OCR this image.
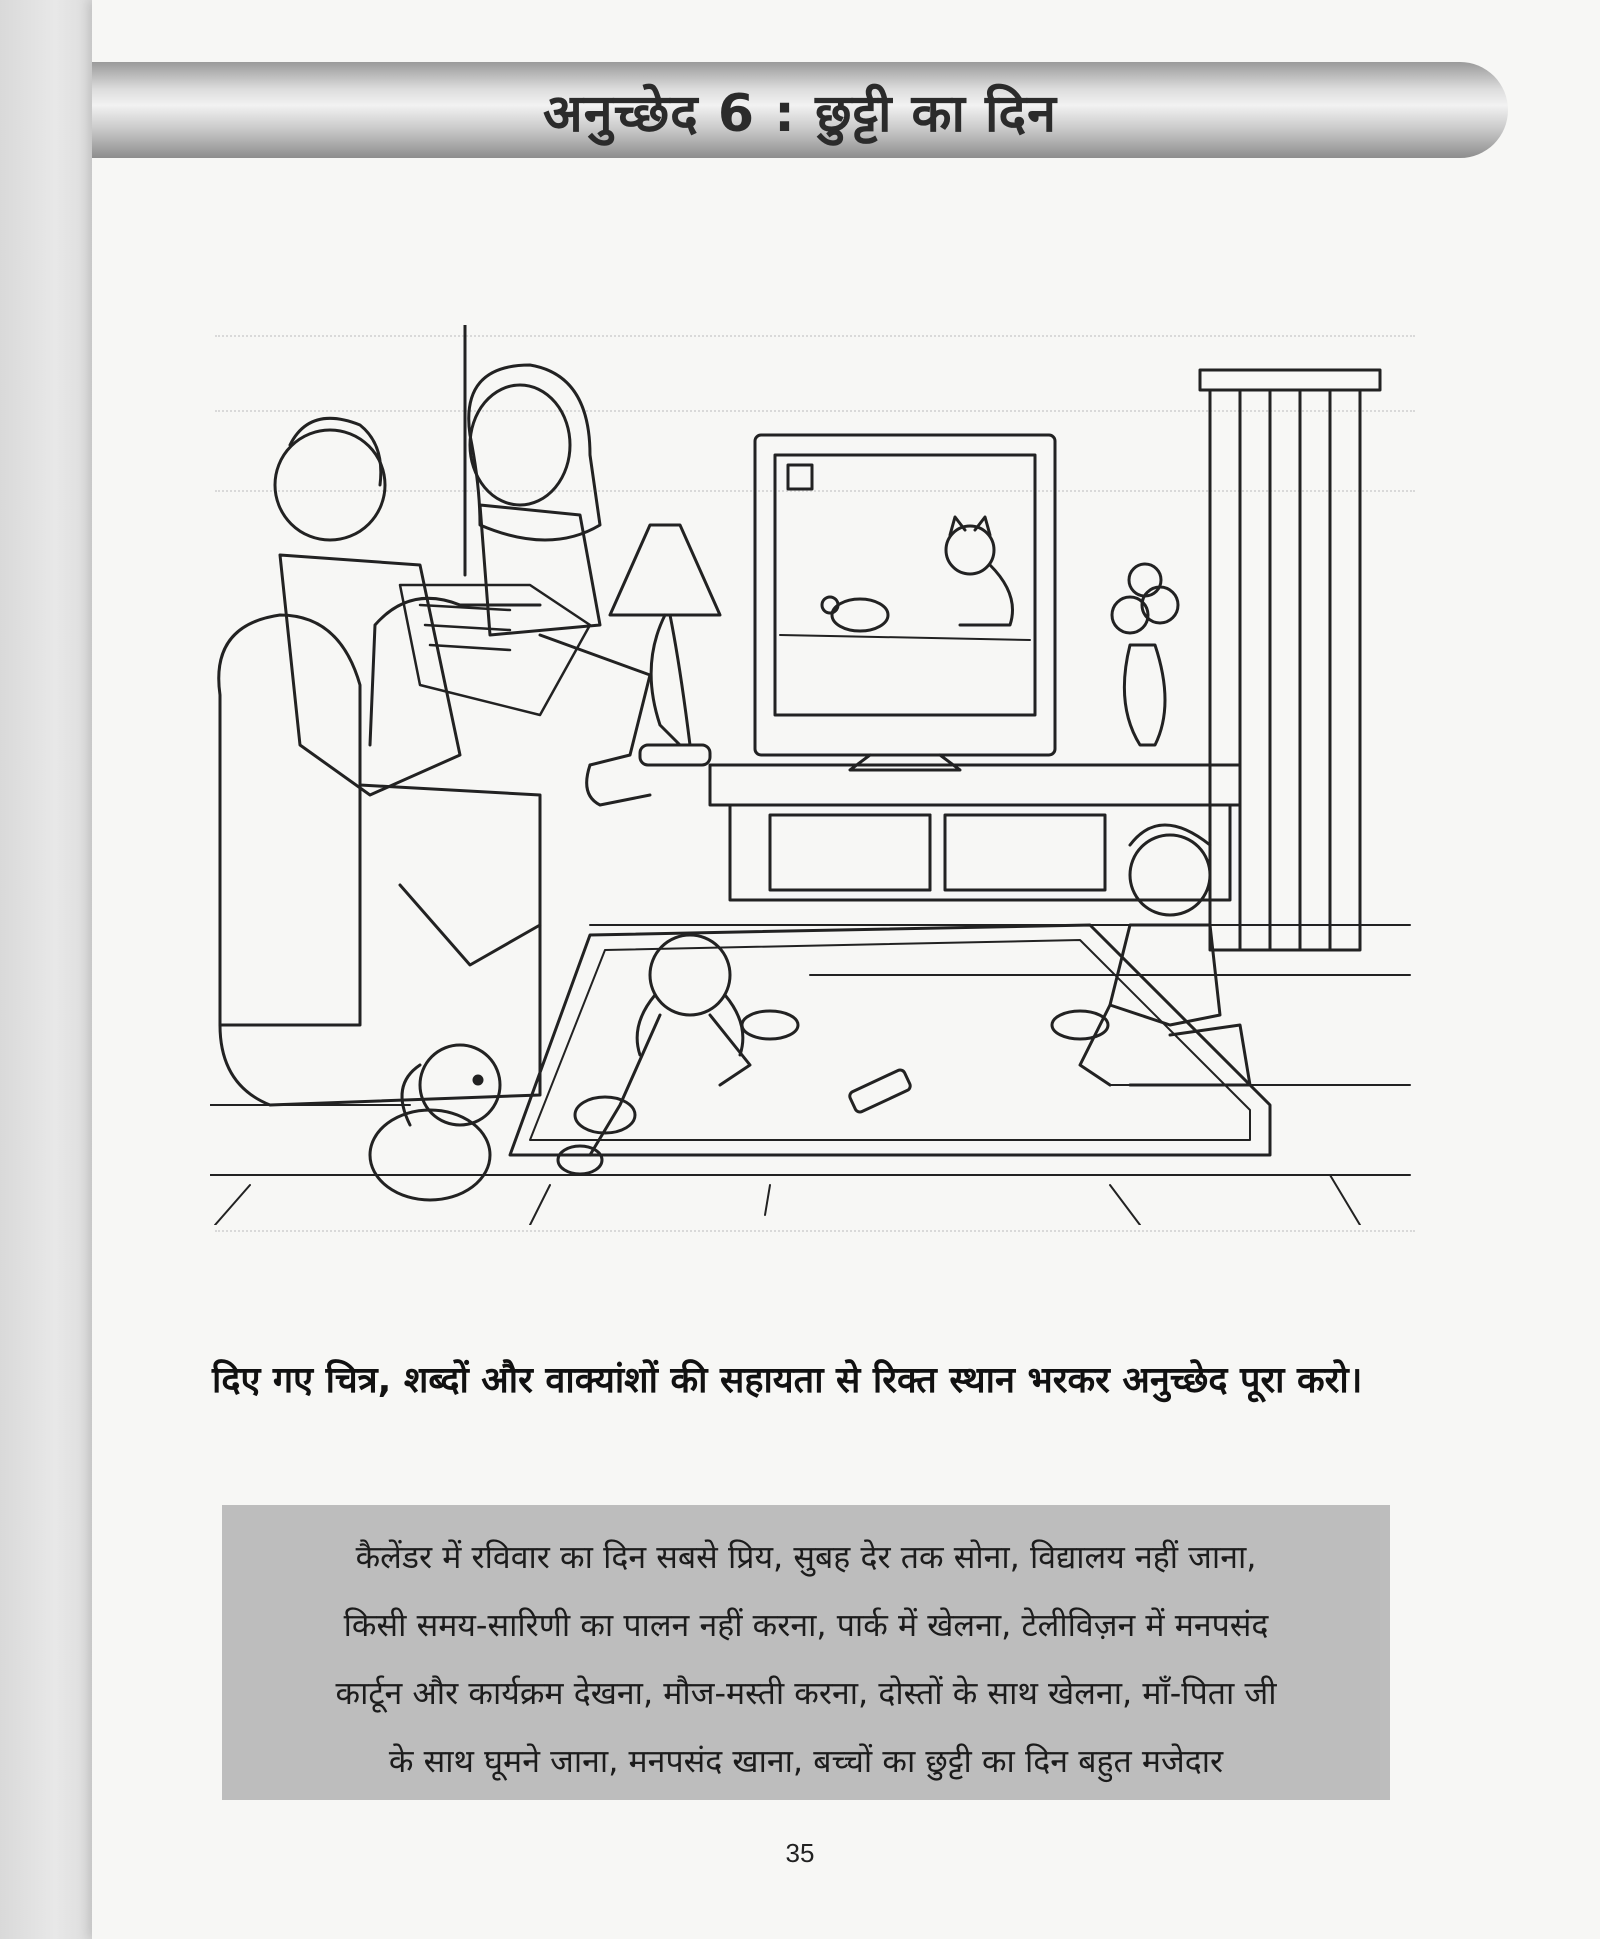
अनुच्छेद 6 : छुट्टी का दिन
दिए गए चित्र, शब्दों और वाक्यांशों की सहायता से रिक्त स्थान भरकर अनुच्छेद पूरा करो।

कैलेंडर में रविवार का दिन सबसे प्रिय, सुबह देर तक सोना, विद्यालय नहीं जाना,

किसी समय-सारिणी का पालन नहीं करना, पार्क में खेलना, टेलीविज़न में मनपसंद

कार्टून और कार्यक्रम देखना, मौज-मस्ती करना, दोस्तों के साथ खेलना, माँ-पिता जी

के साथ घूमने जाना, मनपसंद खाना, बच्चों का छुट्टी का दिन बहुत मजेदार

35
